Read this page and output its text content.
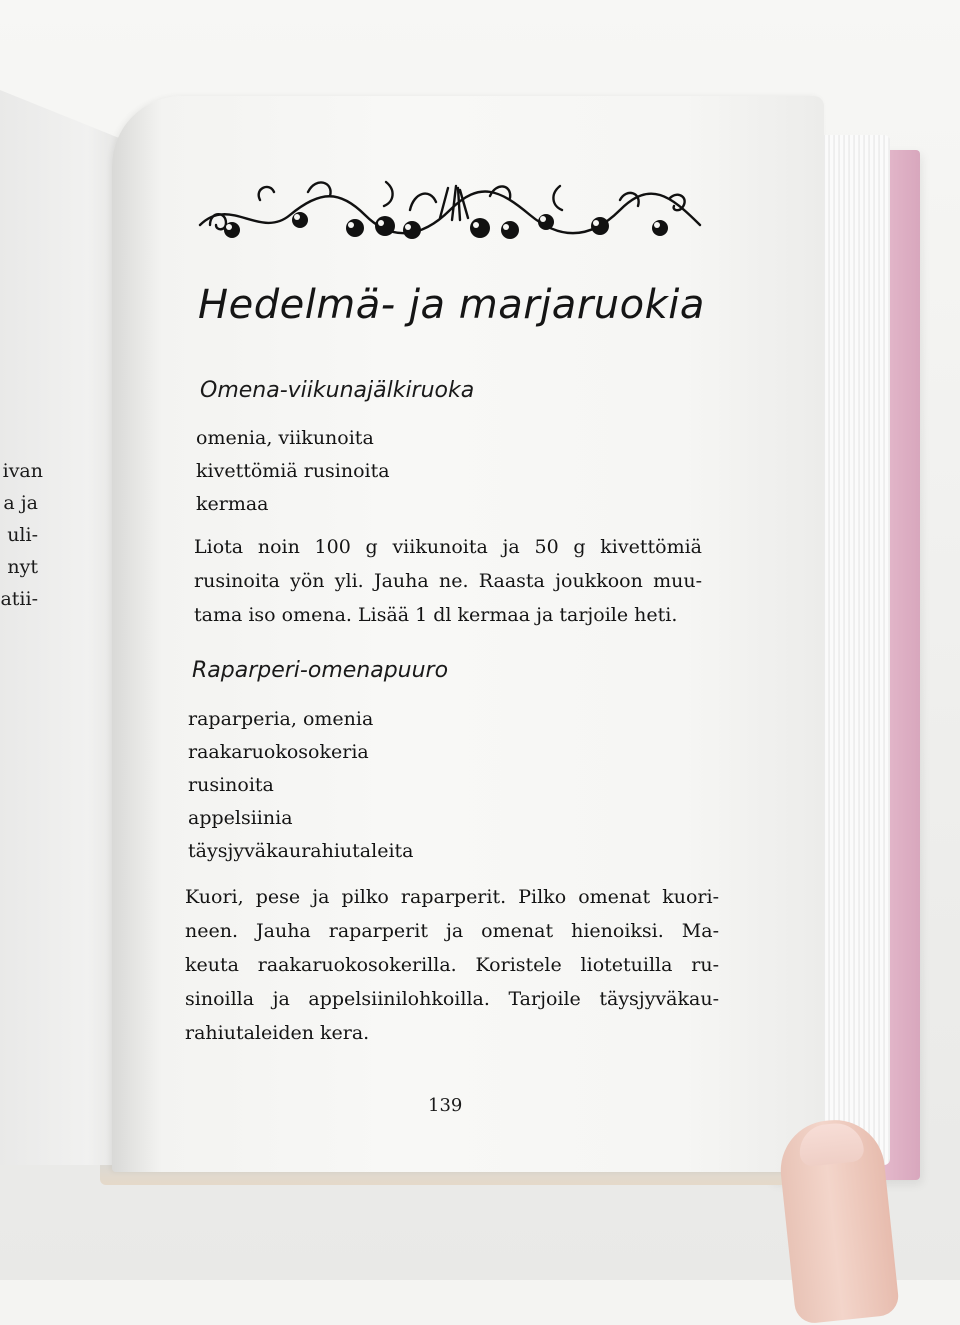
ivan
a ja
uli-
nyt
atii-
Hedelmä- ja marjaruokia
Omena-viikunajälkiruoka
omenia, viikunoita
kivettömiä rusinoita
kermaa
Liota noin 100 g viikunoita ja 50 g kivettömiä
rusinoita yön yli. Jauha ne. Raasta joukkoon muu-
tama iso omena. Lisää 1 dl kermaa ja tarjoile heti.
Raparperi-omenapuuro
raparperia, omenia
raakaruokosokeria
rusinoita
appelsiinia
täysjyväkaurahiutaleita
Kuori, pese ja pilko raparperit. Pilko omenat kuori-
neen. Jauha raparperit ja omenat hienoiksi. Ma-
keuta raakaruokosokerilla. Koristele liotetuilla ru-
sinoilla ja appelsiinilohkoilla. Tarjoile täysjyväkau-
rahiutaleiden kera.
139
